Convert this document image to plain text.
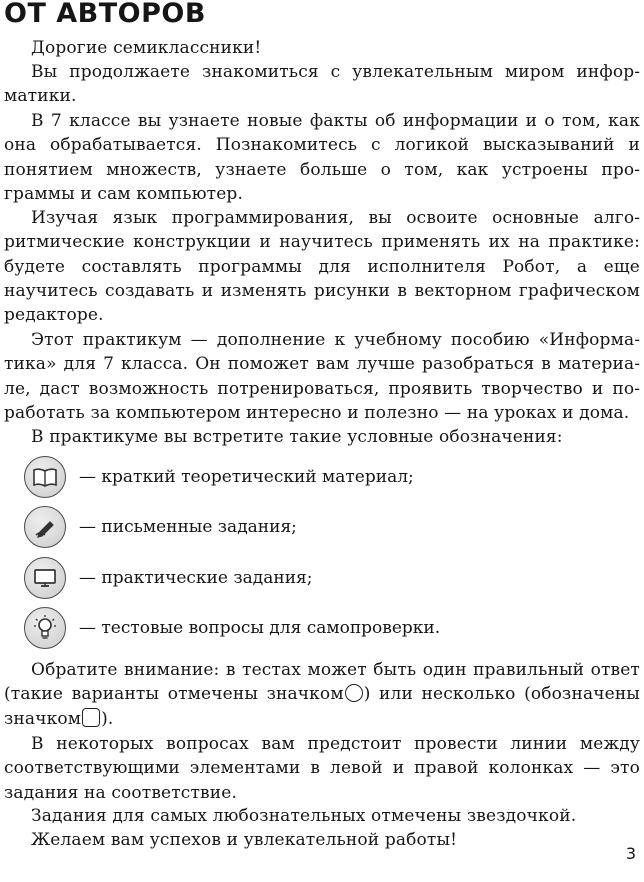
ОТ АВТОРОВ

Дорогие семиклассники!

Вы продолжаете знакомиться с увлекательным миром информатики.

В 7 классе вы узнаете новые факты об информации и о том, как она обрабатывается. Познакомитесь с логикой высказываний и понятием множеств, узнаете больше о том, как устроены программы и сам компьютер.

Изучая язык программирования, вы освоите основные алгоритмические конструкции и научитесь применять их на практике: будете составлять программы для исполнителя Робот, а еще научитесь создавать и изменять рисунки в векторном графическом редакторе.

Этот практикум — дополнение к учебному пособию «Информатика» для 7 класса. Он поможет вам лучше разобраться в материале, даст возможность потренироваться, проявить творчество и поработать за компьютером интересно и полезно — на уроках и дома.

В практикуме вы встретите такие условные обозначения:

— краткий теоретический материал;
— письменные задания;
— практические задания;
— тестовые вопросы для самопроверки.

Обратите внимание: в тестах может быть один правильный ответ (такие варианты отмечены значком ) или несколько (обозначены значком ).

В некоторых вопросах вам предстоит провести линии между соответствующими элементами в левой и правой колонках — это задания на соответствие.

Задания для самых любознательных отмечены звездочкой.

Желаем вам успехов и увлекательной работы!

3
